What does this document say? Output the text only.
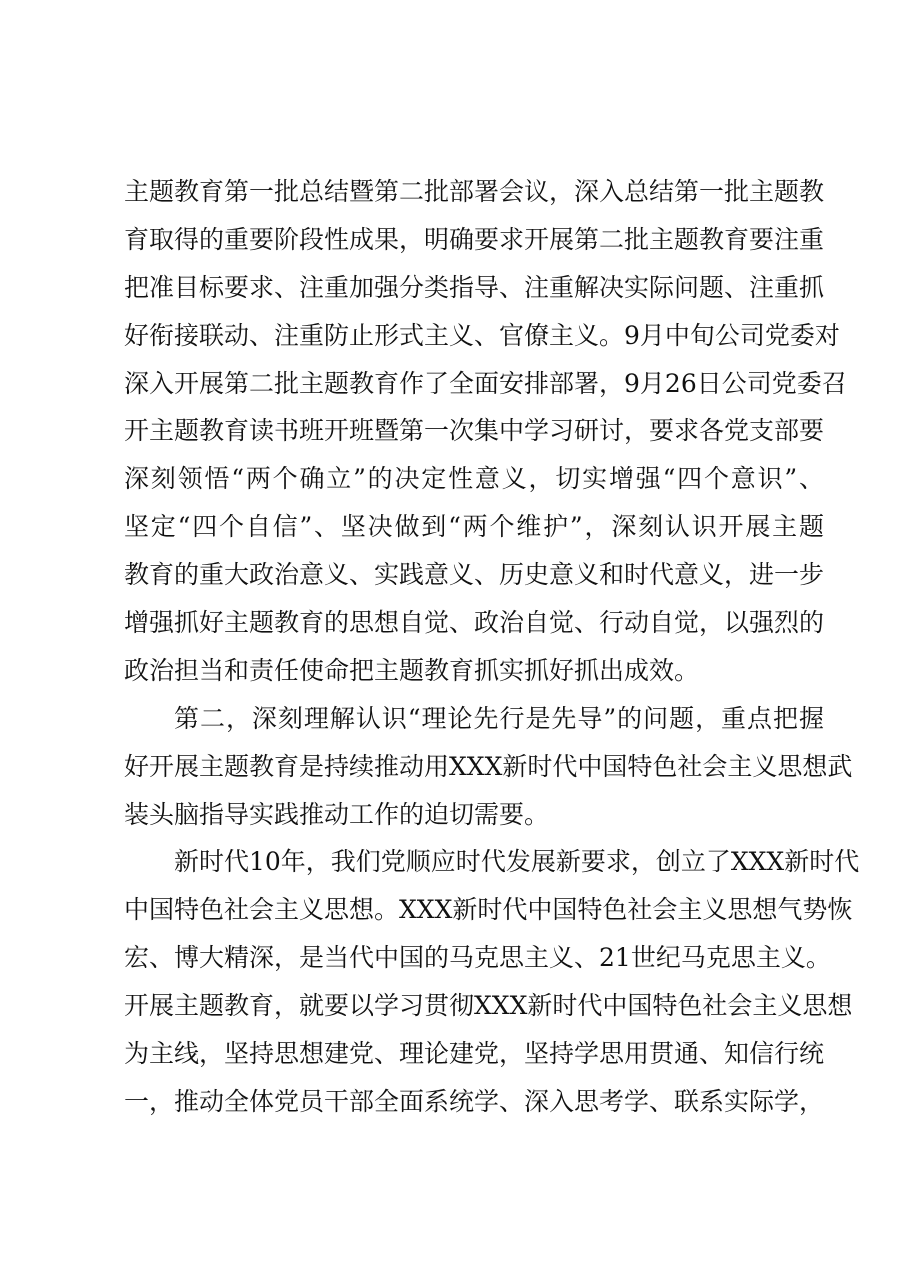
主题教育第一批总结暨第二批部署会议，深入总结第一批主题教
育取得的重要阶段性成果，明确要求开展第二批主题教育要注重
把准目标要求、注重加强分类指导、注重解决实际问题、注重抓
好衔接联动、注重防止形式主义、官僚主义。9月中旬公司党委对
深入开展第二批主题教育作了全面安排部署，9月26日公司党委召
开主题教育读书班开班暨第一次集中学习研讨，要求各党支部要
深刻领悟“两个确立”的决定性意义，切实增强“四个意识”、
坚定“四个自信”、坚决做到“两个维护”，深刻认识开展主题
教育的重大政治意义、实践意义、历史意义和时代意义，进一步
增强抓好主题教育的思想自觉、政治自觉、行动自觉，以强烈的
政治担当和责任使命把主题教育抓实抓好抓出成效。
第二，深刻理解认识“理论先行是先导”的问题，重点把握
好开展主题教育是持续推动用XXX新时代中国特色社会主义思想武
装头脑指导实践推动工作的迫切需要。
新时代10年，我们党顺应时代发展新要求，创立了XXX新时代
中国特色社会主义思想。XXX新时代中国特色社会主义思想气势恢
宏、博大精深，是当代中国的马克思主义、21世纪马克思主义。
开展主题教育，就要以学习贯彻XXX新时代中国特色社会主义思想
为主线，坚持思想建党、理论建党，坚持学思用贯通、知信行统
一，推动全体党员干部全面系统学、深入思考学、联系实际学，
